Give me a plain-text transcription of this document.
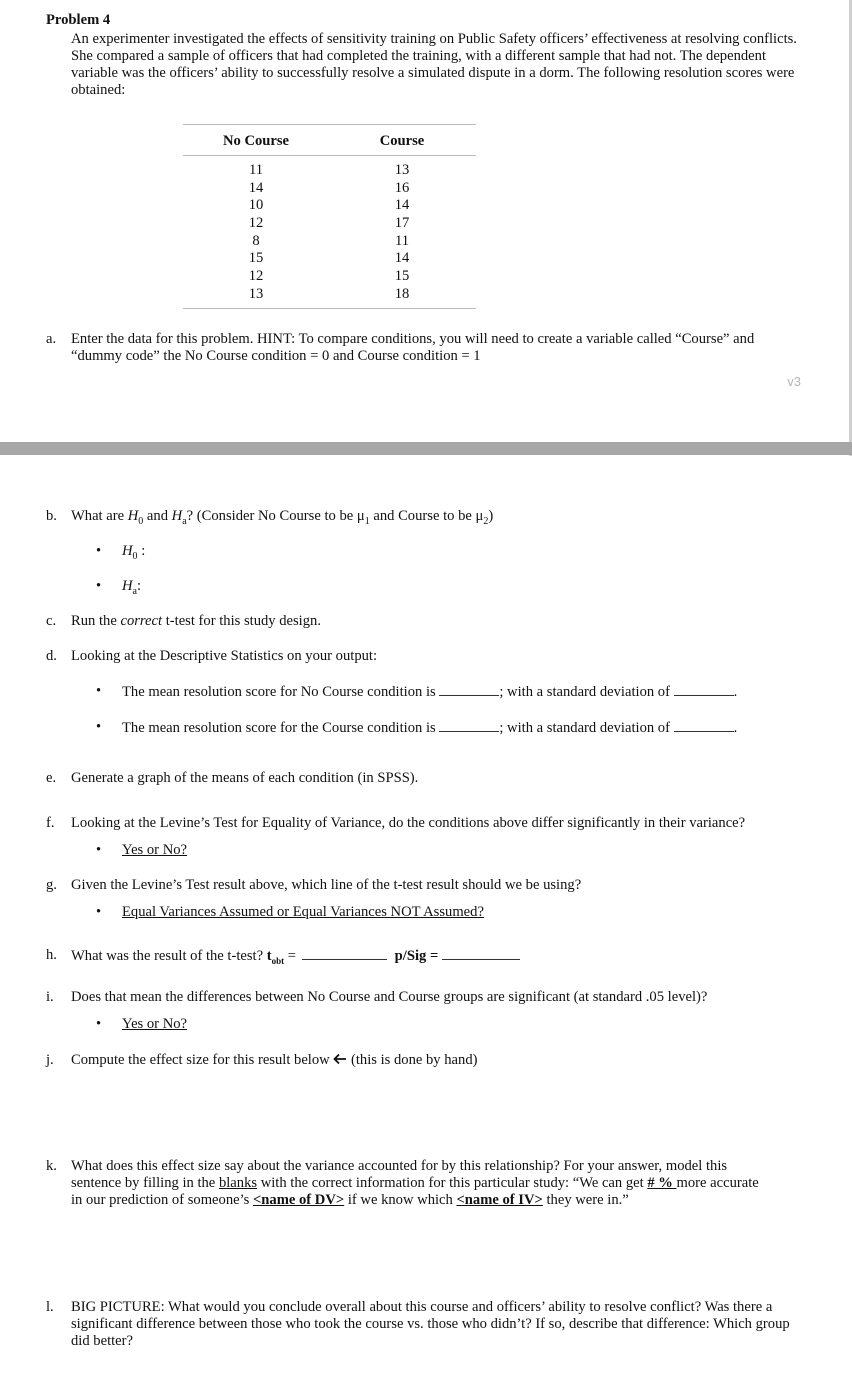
Problem 4
An experimenter investigated the effects of sensitivity training on Public Safety officers’ effectiveness at resolving conflicts. She compared a sample of officers that had completed the training, with a different sample that had not. The dependent variable was the officers’ ability to successfully resolve a simulated dispute in a dorm. The following resolution scores were obtained:
No Course	Course
11	13
14	16
10	14
12	17
8	11
15	14
12	15
13	18
a.	Enter the data for this problem. HINT: To compare conditions, you will need to create a variable called “Course” and “dummy code” the No Course condition = 0 and Course condition = 1
v3
b. What are $H_0$ and $H_a$? (Consider No Course to be $\mu_1$ and Course to be $\mu_2$)
• $H_0$ :
• $H_a$:
c.	Run the correct t-test for this study design.
d. Looking at the Descriptive Statistics on your output:
• The mean resolution score for No Course condition is	; with a standard deviation of	.
• The mean resolution score for the Course condition is	; with a standard deviation of	.
e.	Generate a graph of the means of each condition (in SPSS).
f.	Looking at the Levine’s Test for Equality of Variance, do the conditions above differ significantly in their variance?
• Yes or No?
g. Given the Levine’s Test result above, which line of the t-test result should we be using?
• Equal Variances Assumed or Equal Variances NOT Assumed?
h. What was the result of the t-test? $t_{obt}$ =	p/Sig =
i.	Does that mean the differences between No Course and Course groups are significant (at standard .05 level)?
• Yes or No?
j.	Compute the effect size for this result below  (this is done by hand)
k. What does this effect size say about the variance accounted for by this relationship? For your answer, model this sentence by filling in the blanks with the correct information for this particular study: “We can get # % more accurate in our prediction of someone’s <name of DV> if we know which <name of IV> they were in.”
l.	BIG PICTURE: What would you conclude overall about this course and officers’ ability to resolve conflict? Was there a significant difference between those who took the course vs. those who didn’t? If so, describe that difference: Which group did better?
